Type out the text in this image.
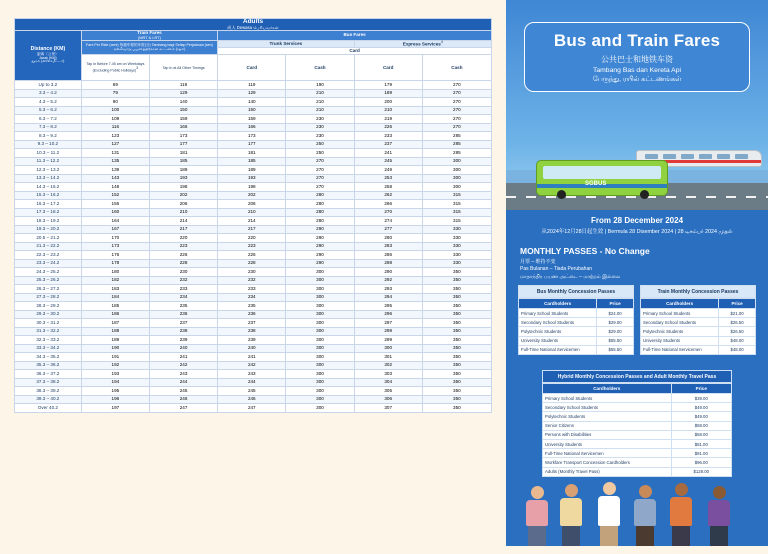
Adults
成人 Dewasa பெரியவர்கள்						

Distance (KM)
距离（公里）
Jarak (KM)
தூரம் (கிலோமீட்டர்)

Train Fares
(MRT & LRT)
	Bus Fares

	Fare Per Ride (cent) 每趟车程的车资(分) Tambang bagi Setiap Perjalanan (sen)
ஒவ்வொரு பயணத்திற்கான கட்டணம் (சதம்)		Trunk Services		Express Services$^4$
			Card			
	Tap In Before 7.45 am on Weekdays (Excluding Public Holidays)$^3$	Tap In at All Other Timings	Card	Cash	Card	Cash
Up to 3.2	69	119	119	190	179	270
3.3 – 4.2	79	129	129	210	189	270
4.3 – 5.2	90	140	140	210	200	270
5.3 – 6.2	100	150	150	210	210	270
6.3 – 7.2	109	159	159	230	219	270
7.3 – 8.2	116	166	166	230	226	270
8.3 – 9.2	123	173	173	230	233	285
9.3 – 10.2	127	177	177	250	237	285
10.3 – 11.2	131	181	181	250	241	285
11.3 – 12.2	135	185	185	270	245	300
12.3 – 13.2	139	189	189	270	249	300
13.3 – 14.2	143	193	193	270	253	300
14.3 – 15.2	148	198	198	270	258	300
15.3 – 16.2	152	202	202	280	262	315
16.3 – 17.2	156	206	206	280	266	315
17.3 – 18.2	160	210	210	280	270	315
18.3 – 19.2	164	214	214	280	274	315
19.3 – 20.2	167	217	217	290	277	330
20.5 – 21.2	170	220	220	290	280	330
21.3 – 22.2	173	223	223	290	283	330
22.3 – 23.2	176	226	226	290	286	330
23.3 – 24.2	178	228	228	290	288	330
24.3 – 25.2	180	230	230	300	290	350
25.3 – 26.2	182	232	232	300	292	350
26.3 – 27.2	183	233	233	300	293	350
27.3 – 28.2	184	234	234	300	294	350
28.3 – 29.2	185	235	235	300	295	350
29.3 – 30.2	186	236	236	300	296	350
30.3 – 31.2	187	237	237	300	297	350
31.3 – 32.2	188	238	238	300	298	350
32.3 – 33.2	189	239	239	300	299	350
33.3 – 34.2	190	240	240	300	300	350
34.3 – 35.2	191	241	241	300	301	350
35.3 – 36.2	192	242	242	300	302	350
36.3 – 37.2	193	243	243	300	303	350
37.3 – 38.2	194	244	244	300	304	350
38.3 – 39.2	195	245	245	300	305	350
39.3 – 40.2	196	246	246	300	306	350
Over 40.2	197	247	247	300	307	350
SGBUS
Bus and Train Fares
公共巴士和地铁车资
Tambang Bas dan Kereta Api
பேருந்து, ரயில் கட்டணங்கள்
From 28 December 2024
从2024年12月28日起生效 | Bermula 28 Disember 2024 | 28 டிசம்பர் 2024 முதல்
MONTHLY PASSES - No Change
月票 – 维持不变
Pas Bulanan – Tiada Perubahan
மாதாந்திர பயண அட்டை – மாற்றம் இல்லை
Bus Monthly Concession Passes
Cardholders	Price
Primary School Students	$24.00
Secondary School Students	$29.00
Polytechnic Students	$29.00
University Students	$55.50
Full-Time National Servicemen	$55.50
Train Monthly Concession Passes
Cardholders	Price
Primary School Students	$21.00
Secondary School Students	$26.50
Polytechnic Students	$26.50
University Students	$48.00
Full-Time National Servicemen	$48.00
Hybrid Monthly Concession Passes and Adult Monthly Travel Pass
Cardholders	Price
Primary School Students	$39.00
Secondary School Students	$49.00
Polytechnic Students	$49.00
Senior Citizens	$58.00
Persons with Disabilities	$58.00
University Students	$81.00
Full-Time National Servicemen	$81.00
Workfare Transport Concession Cardholders	$96.00
Adults (Monthly Travel Pass)	$128.00
